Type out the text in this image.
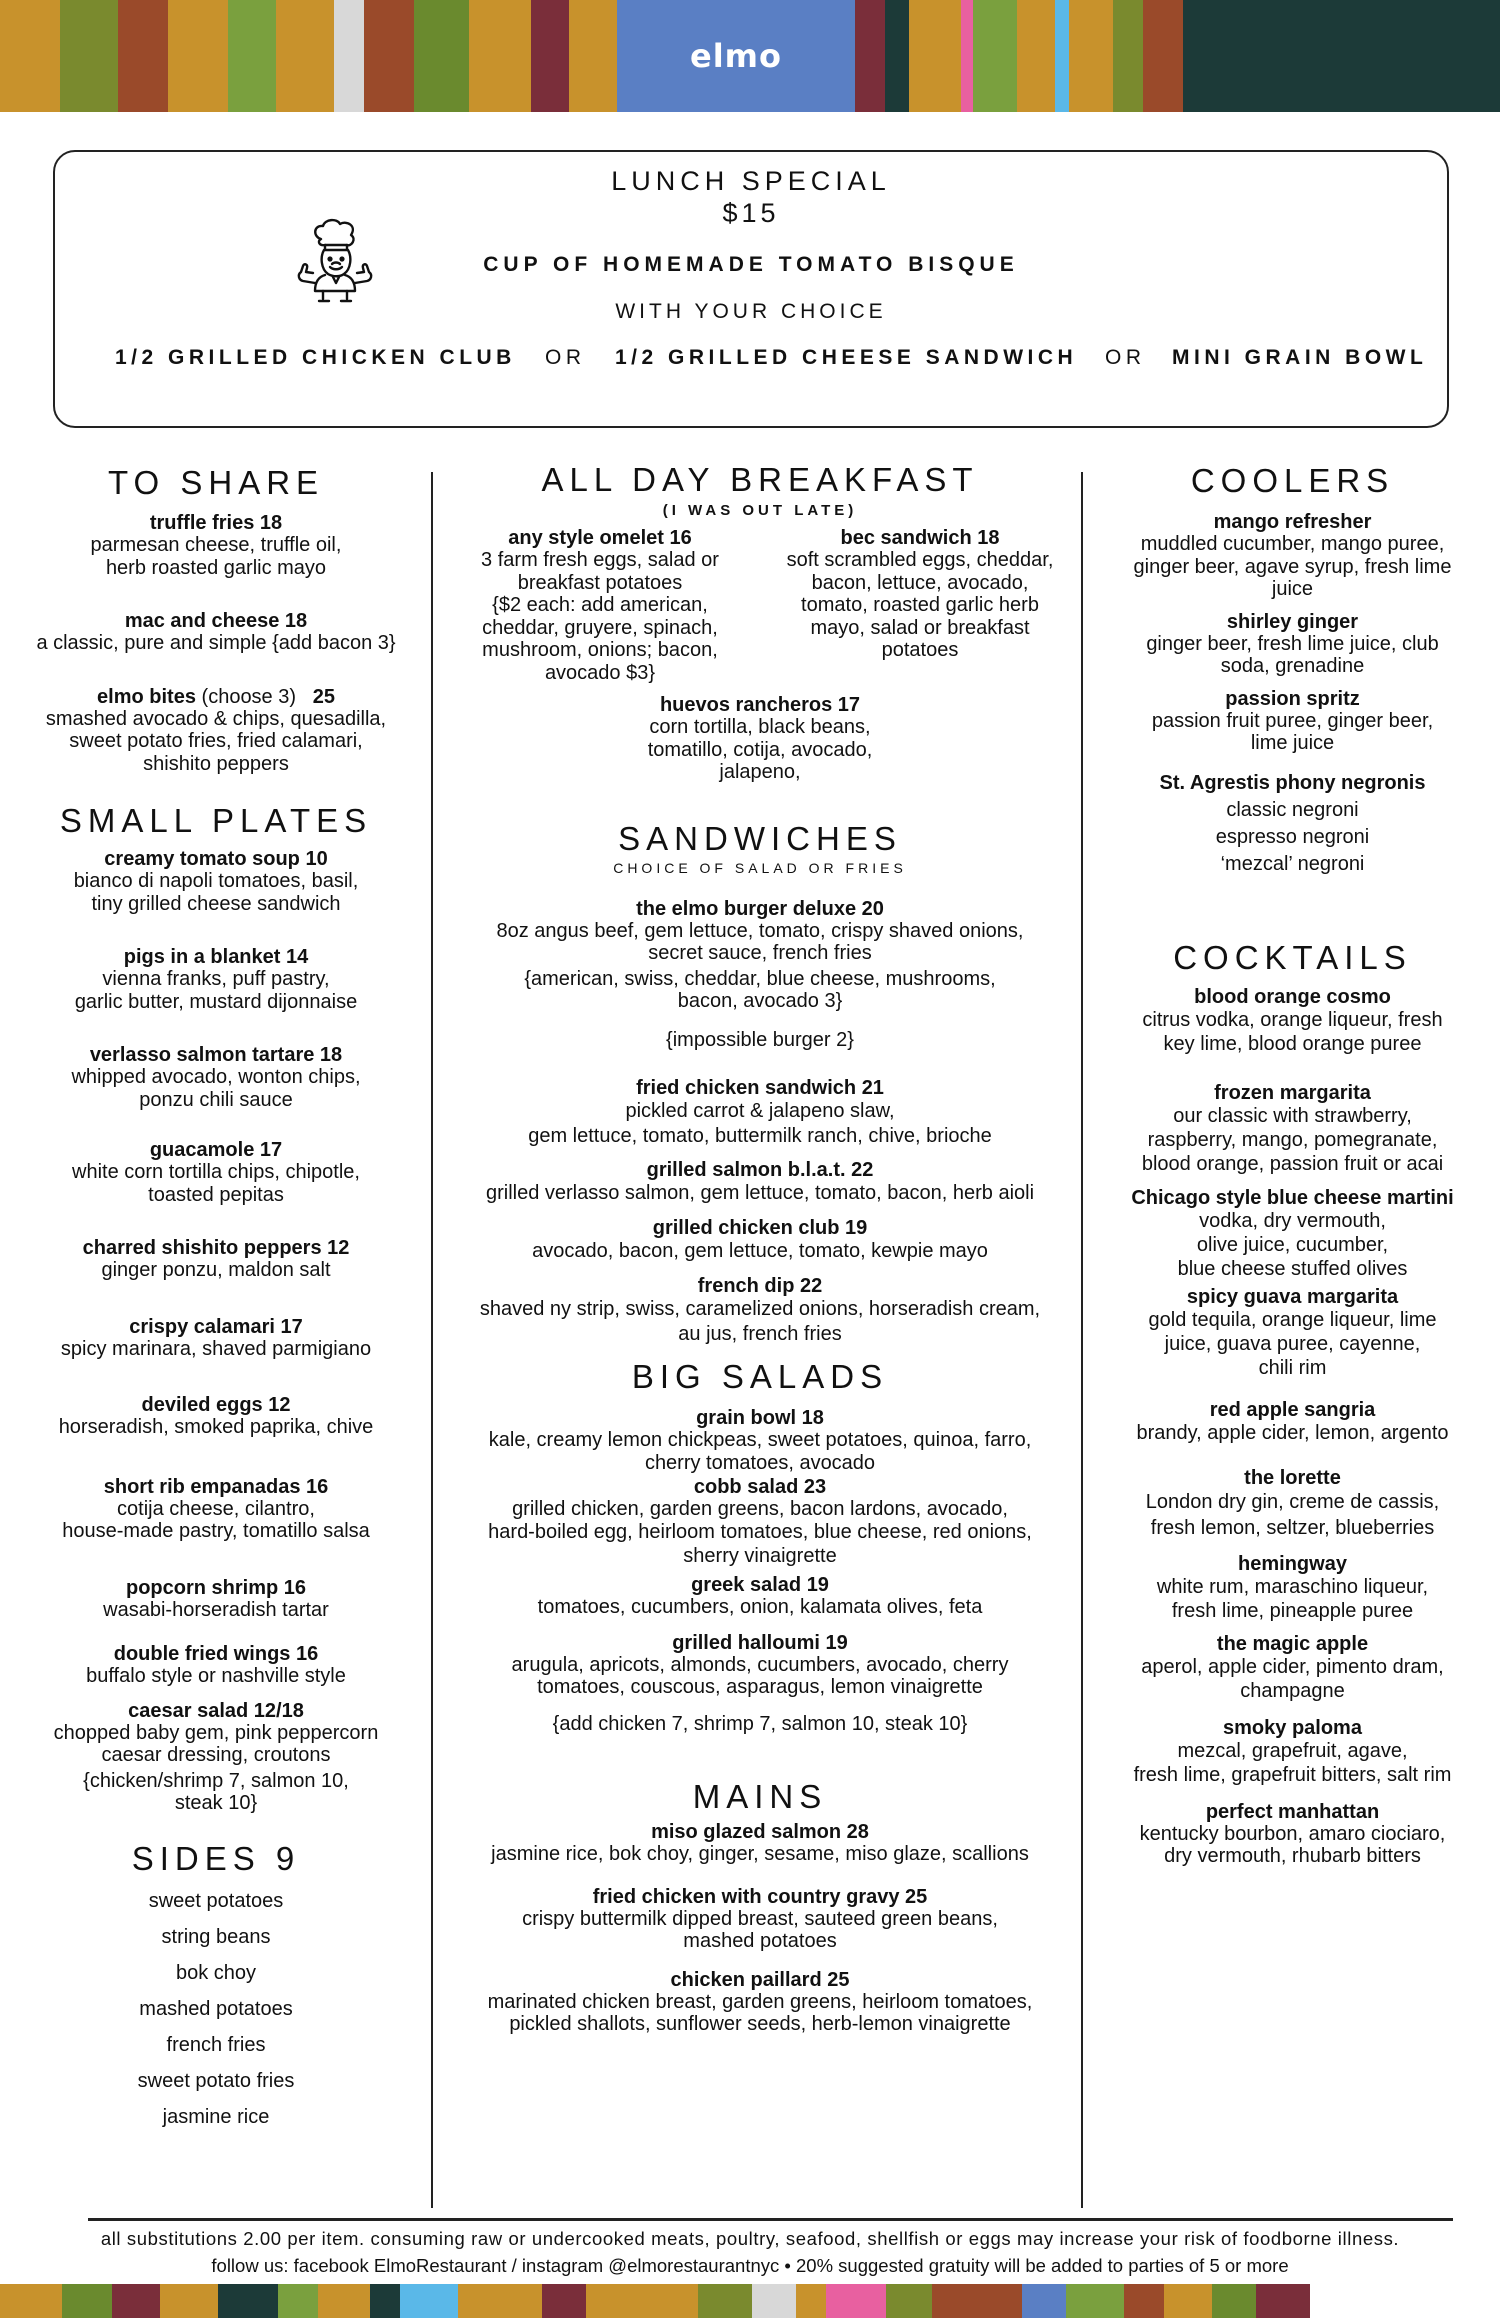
elmo
LUNCH SPECIAL
$15
CUP OF HOMEMADE TOMATO BISQUE
WITH YOUR CHOICE
1/2 GRILLED CHICKEN CLUB OR 1/2 GRILLED CHEESE SANDWICH OR MINI GRAIN BOWL
TO SHARE
truffle fries 18
parmesan cheese, truffle oil,
herb roasted garlic mayo
mac and cheese 18
a classic, pure and simple {add bacon 3}
elmo bites (choose 3) 25
smashed avocado & chips, quesadilla,
sweet potato fries, fried calamari,
shishito peppers
SMALL PLATES
creamy tomato soup 10
bianco di napoli tomatoes, basil,
tiny grilled cheese sandwich
pigs in a blanket 14
vienna franks, puff pastry,
garlic butter, mustard dijonnaise
verlasso salmon tartare 18
whipped avocado, wonton chips,
ponzu chili sauce
guacamole 17
white corn tortilla chips, chipotle,
toasted pepitas
charred shishito peppers 12
ginger ponzu, maldon salt
crispy calamari 17
spicy marinara, shaved parmigiano
deviled eggs 12
horseradish, smoked paprika, chive
short rib empanadas 16
cotija cheese, cilantro,
house-made pastry, tomatillo salsa
popcorn shrimp 16
wasabi-horseradish tartar
double fried wings 16
buffalo style or nashville style
caesar salad 12/18
chopped baby gem, pink peppercorn
caesar dressing, croutons
{chicken/shrimp 7, salmon 10,
steak 10}
SIDES 9
sweet potatoes
string beans
bok choy
mashed potatoes
french fries
sweet potato fries
jasmine rice
ALL DAY BREAKFAST
(I WAS OUT LATE)
any style omelet 16
3 farm fresh eggs, salad or
breakfast potatoes
{$2 each: add american,
cheddar, gruyere, spinach,
mushroom, onions; bacon,
avocado $3}
bec sandwich 18
soft scrambled eggs, cheddar,
bacon, lettuce, avocado,
tomato, roasted garlic herb
mayo, salad or breakfast
potatoes
huevos rancheros 17
corn tortilla, black beans,
tomatillo, cotija, avocado,
jalapeno,
SANDWICHES
CHOICE OF SALAD OR FRIES
the elmo burger deluxe 20
8oz angus beef, gem lettuce, tomato, crispy shaved onions,
secret sauce, french fries
{american, swiss, cheddar, blue cheese, mushrooms,
bacon, avocado 3}
{impossible burger 2}
fried chicken sandwich 21
pickled carrot & jalapeno slaw,
gem lettuce, tomato, buttermilk ranch, chive, brioche
grilled salmon b.l.a.t. 22
grilled verlasso salmon, gem lettuce, tomato, bacon, herb aioli
grilled chicken club 19
avocado, bacon, gem lettuce, tomato, kewpie mayo
french dip 22
shaved ny strip, swiss, caramelized onions, horseradish cream,
au jus, french fries
BIG SALADS
grain bowl 18
kale, creamy lemon chickpeas, sweet potatoes, quinoa, farro,
cherry tomatoes, avocado
cobb salad 23
grilled chicken, garden greens, bacon lardons, avocado,
hard-boiled egg, heirloom tomatoes, blue cheese, red onions,
sherry vinaigrette
greek salad 19
tomatoes, cucumbers, onion, kalamata olives, feta
grilled halloumi 19
arugula, apricots, almonds, cucumbers, avocado, cherry
tomatoes, couscous, asparagus, lemon vinaigrette
{add chicken 7, shrimp 7, salmon 10, steak 10}
MAINS
miso glazed salmon 28
jasmine rice, bok choy, ginger, sesame, miso glaze, scallions
fried chicken with country gravy 25
crispy buttermilk dipped breast, sauteed green beans,
mashed potatoes
chicken paillard 25
marinated chicken breast, garden greens, heirloom tomatoes,
pickled shallots, sunflower seeds, herb-lemon vinaigrette
COOLERS
mango refresher
muddled cucumber, mango puree,
ginger beer, agave syrup, fresh lime
juice
shirley ginger
ginger beer, fresh lime juice, club
soda, grenadine
passion spritz
passion fruit puree, ginger beer,
lime juice
St. Agrestis phony negronis
classic negroni
espresso negroni
‘mezcal’ negroni
COCKTAILS
blood orange cosmo
citrus vodka, orange liqueur, fresh
key lime, blood orange puree
frozen margarita
our classic with strawberry,
raspberry, mango, pomegranate,
blood orange, passion fruit or acai
Chicago style blue cheese martini
vodka, dry vermouth,
olive juice, cucumber,
blue cheese stuffed olives
spicy guava margarita
gold tequila, orange liqueur, lime
juice, guava puree, cayenne,
chili rim
red apple sangria
brandy, apple cider, lemon, argento
the lorette
London dry gin, creme de cassis,
fresh lemon, seltzer, blueberries
hemingway
white rum, maraschino liqueur,
fresh lime, pineapple puree
the magic apple
aperol, apple cider, pimento dram,
champagne
smoky paloma
mezcal, grapefruit, agave,
fresh lime, grapefruit bitters, salt rim
perfect manhattan
kentucky bourbon, amaro ciociaro,
dry vermouth, rhubarb bitters
all substitutions 2.00 per item. consuming raw or undercooked meats, poultry, seafood, shellfish or eggs may increase your risk of foodborne illness.
follow us: facebook ElmoRestaurant / instagram @elmorestaurantnyc • 20% suggested gratuity will be added to parties of 5 or more
